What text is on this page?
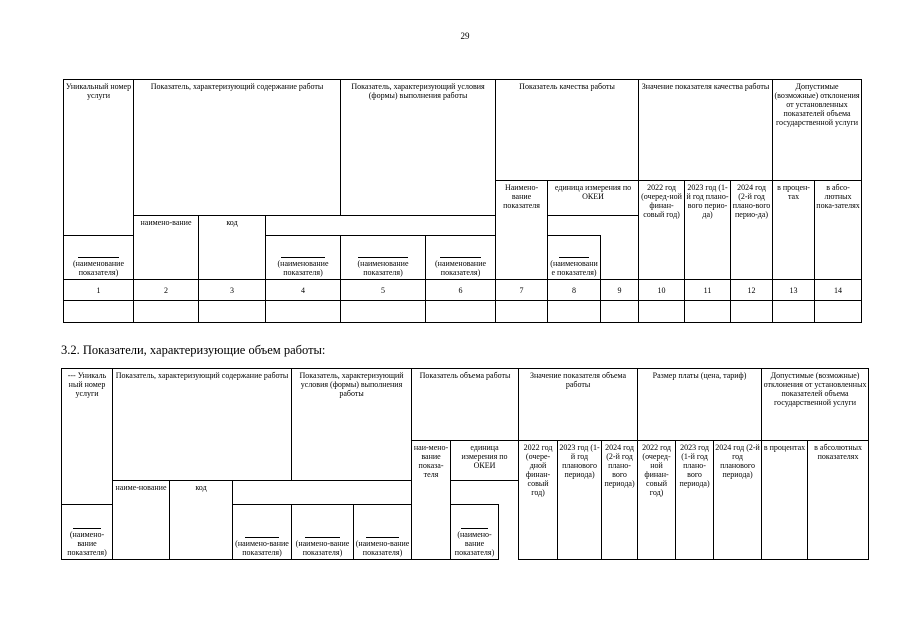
29
Уникальный номер услуги	Показатель, характеризующий содержание работы			Показатель, характеризующий условия (формы) выполнения работы		Показатель качества работы			Значение показателя качества работы			Допустимые (возможные) отклонения от установленных показателей объема государственной услуги	
						Наимено-вание показателя	единица измерения по ОКЕИ		2022 год (очеред-ной финан-совый год)	2023 год (1-й год плано-вого перио-да)	2024 год (2-й год плано-вого перио-да)	в процен-тах	в абсо-лютных пока-зателях
	наимено-вание	код											

(наименование показателя)			(наименование показателя)	(наименование показателя)	(наименование показателя)		(наименование показателя)						
1	2	3	4	5	6	7	8	9	10	11	12	13	14

3.2. Показатели, характеризующие объем работы:
--- Уникаль ный номер услуги	Показатель, характеризующий содержание работы			Показатель, характеризующий условия (формы) выполнения работы		Показатель объема работы		Значение показателя объема работы			Размер платы (цена, тариф)			Допустимые (возможные) отклонения от установленных показателей объема государственной услуги	
						наи-мено-вание показа-теля	единица измерения по ОКЕИ	2022 год (очере-дной финан-совый год)	2023 год (1-й год планового периода)	2024 год (2-й год плано-вого периода)	2022 год (очеред-ной финан-совый год)	2023 год (1-й год плано-вого периода)	2024 год (2-й год планового периода)	в процентах	в абсолютных показателях
	наиме-нование	код													

(наимено-вание показателя)			(наимено-вание показателя)	(наимено-вание показателя)	(наимено-вание показателя)		(наимено-вание показателя)								
